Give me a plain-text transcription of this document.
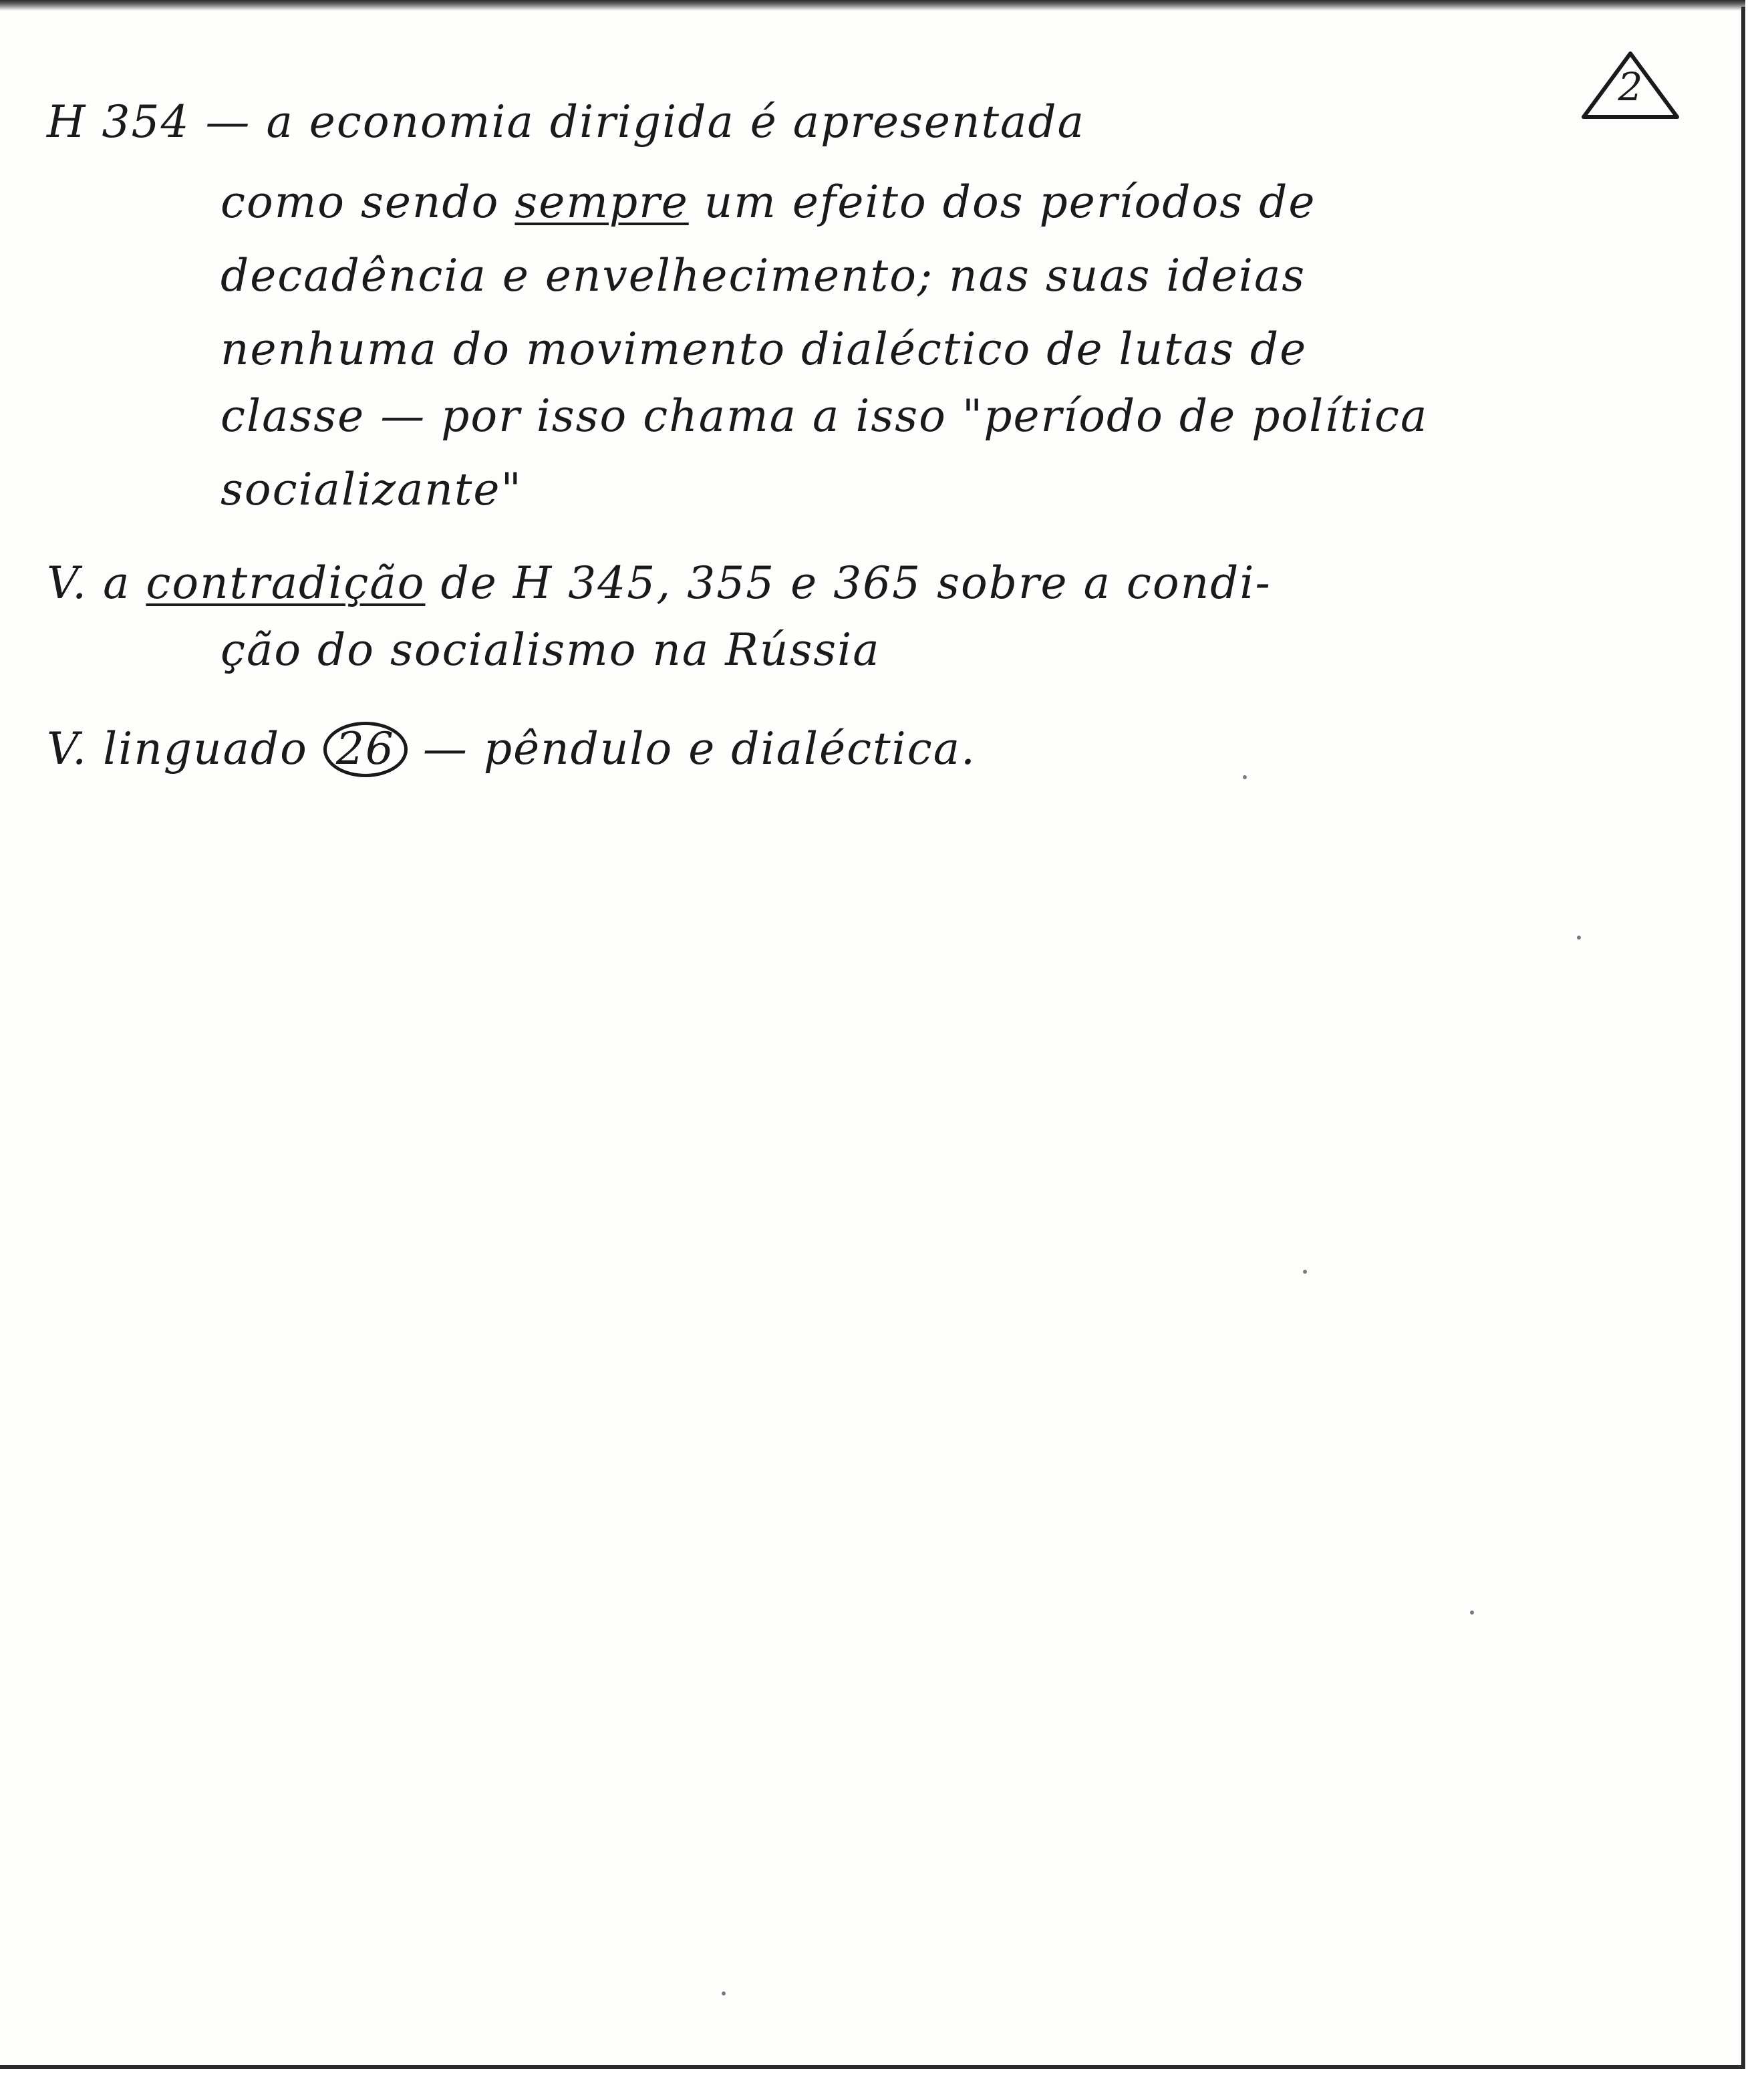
2
H 354 — a economia dirigida é apresentada
como sendo sempre um efeito dos períodos de
decadência e envelhecimento; nas suas ideias
nenhuma do movimento dialéctico de lutas de
classe — por isso chama a isso "período de política
socializante"
V. a contradição de H 345, 355 e 365 sobre a condi-
ção do socialismo na Rússia
V. linguado 26 — pêndulo e dialéctica.
